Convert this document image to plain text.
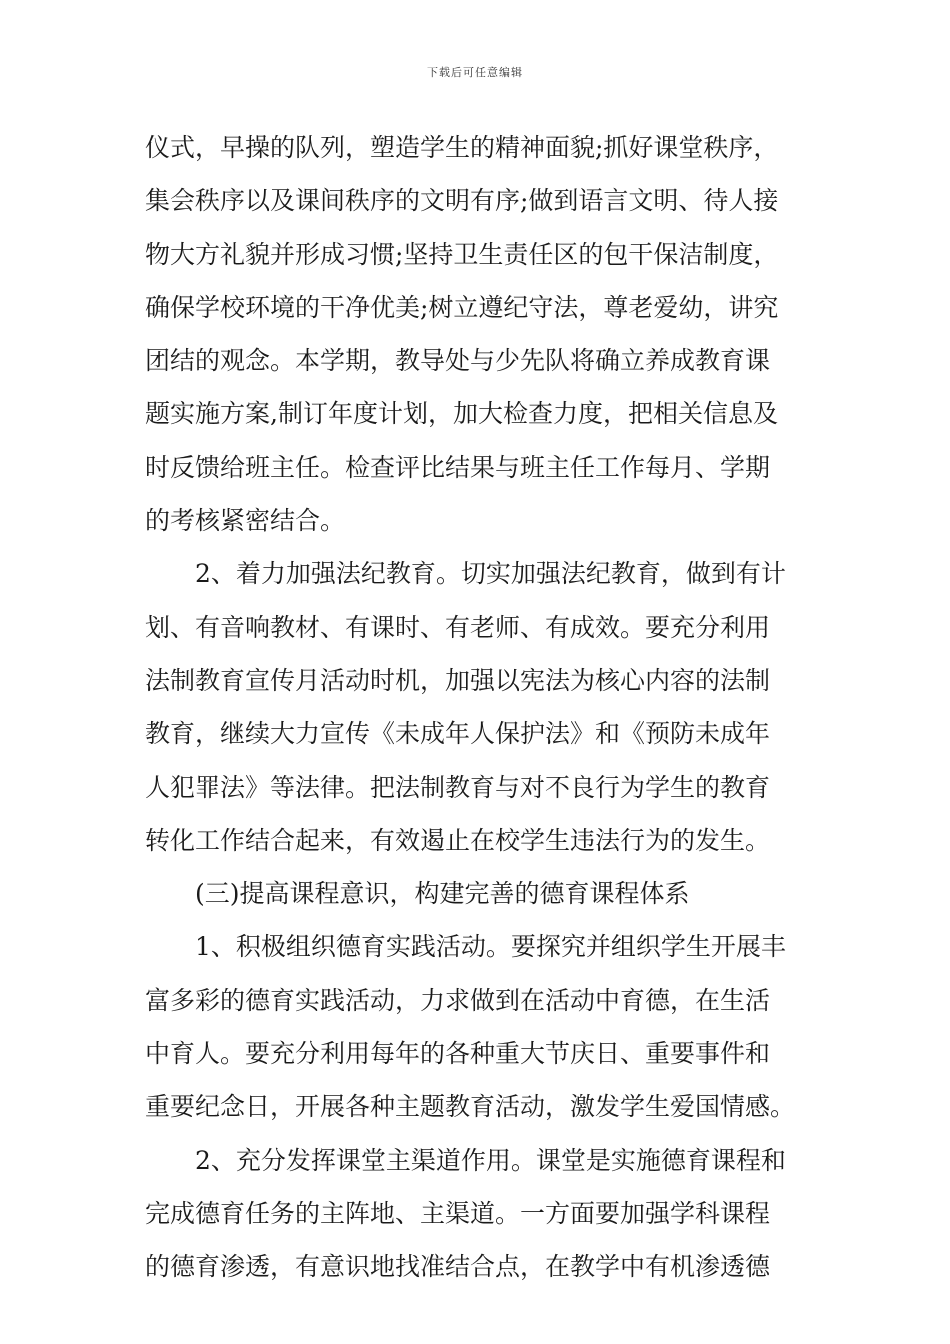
下载后可任意编辑
仪式，早操的队列，塑造学生的精神面貌;抓好课堂秩序，
集会秩序以及课间秩序的文明有序;做到语言文明、待人接
物大方礼貌并形成习惯;坚持卫生责任区的包干保洁制度，
确保学校环境的干净优美;树立遵纪守法，尊老爱幼，讲究
团结的观念。本学期，教导处与少先队将确立养成教育课
题实施方案,制订年度计划，加大检查力度，把相关信息及
时反馈给班主任。检查评比结果与班主任工作每月、学期
的考核紧密结合。
　　2、着力加强法纪教育。切实加强法纪教育，做到有计
划、有音响教材、有课时、有老师、有成效。要充分利用
法制教育宣传月活动时机，加强以宪法为核心内容的法制
教育，继续大力宣传《未成年人保护法》和《预防未成年
人犯罪法》等法律。把法制教育与对不良行为学生的教育
转化工作结合起来，有效遏止在校学生违法行为的发生。
　　(三)提高课程意识，构建完善的德育课程体系
　　1、积极组织德育实践活动。要探究并组织学生开展丰
富多彩的德育实践活动，力求做到在活动中育德，在生活
中育人。要充分利用每年的各种重大节庆日、重要事件和
重要纪念日，开展各种主题教育活动，激发学生爱国情感。
　　2、充分发挥课堂主渠道作用。课堂是实施德育课程和
完成德育任务的主阵地、主渠道。一方面要加强学科课程
的德育渗透，有意识地找准结合点，在教学中有机渗透德
